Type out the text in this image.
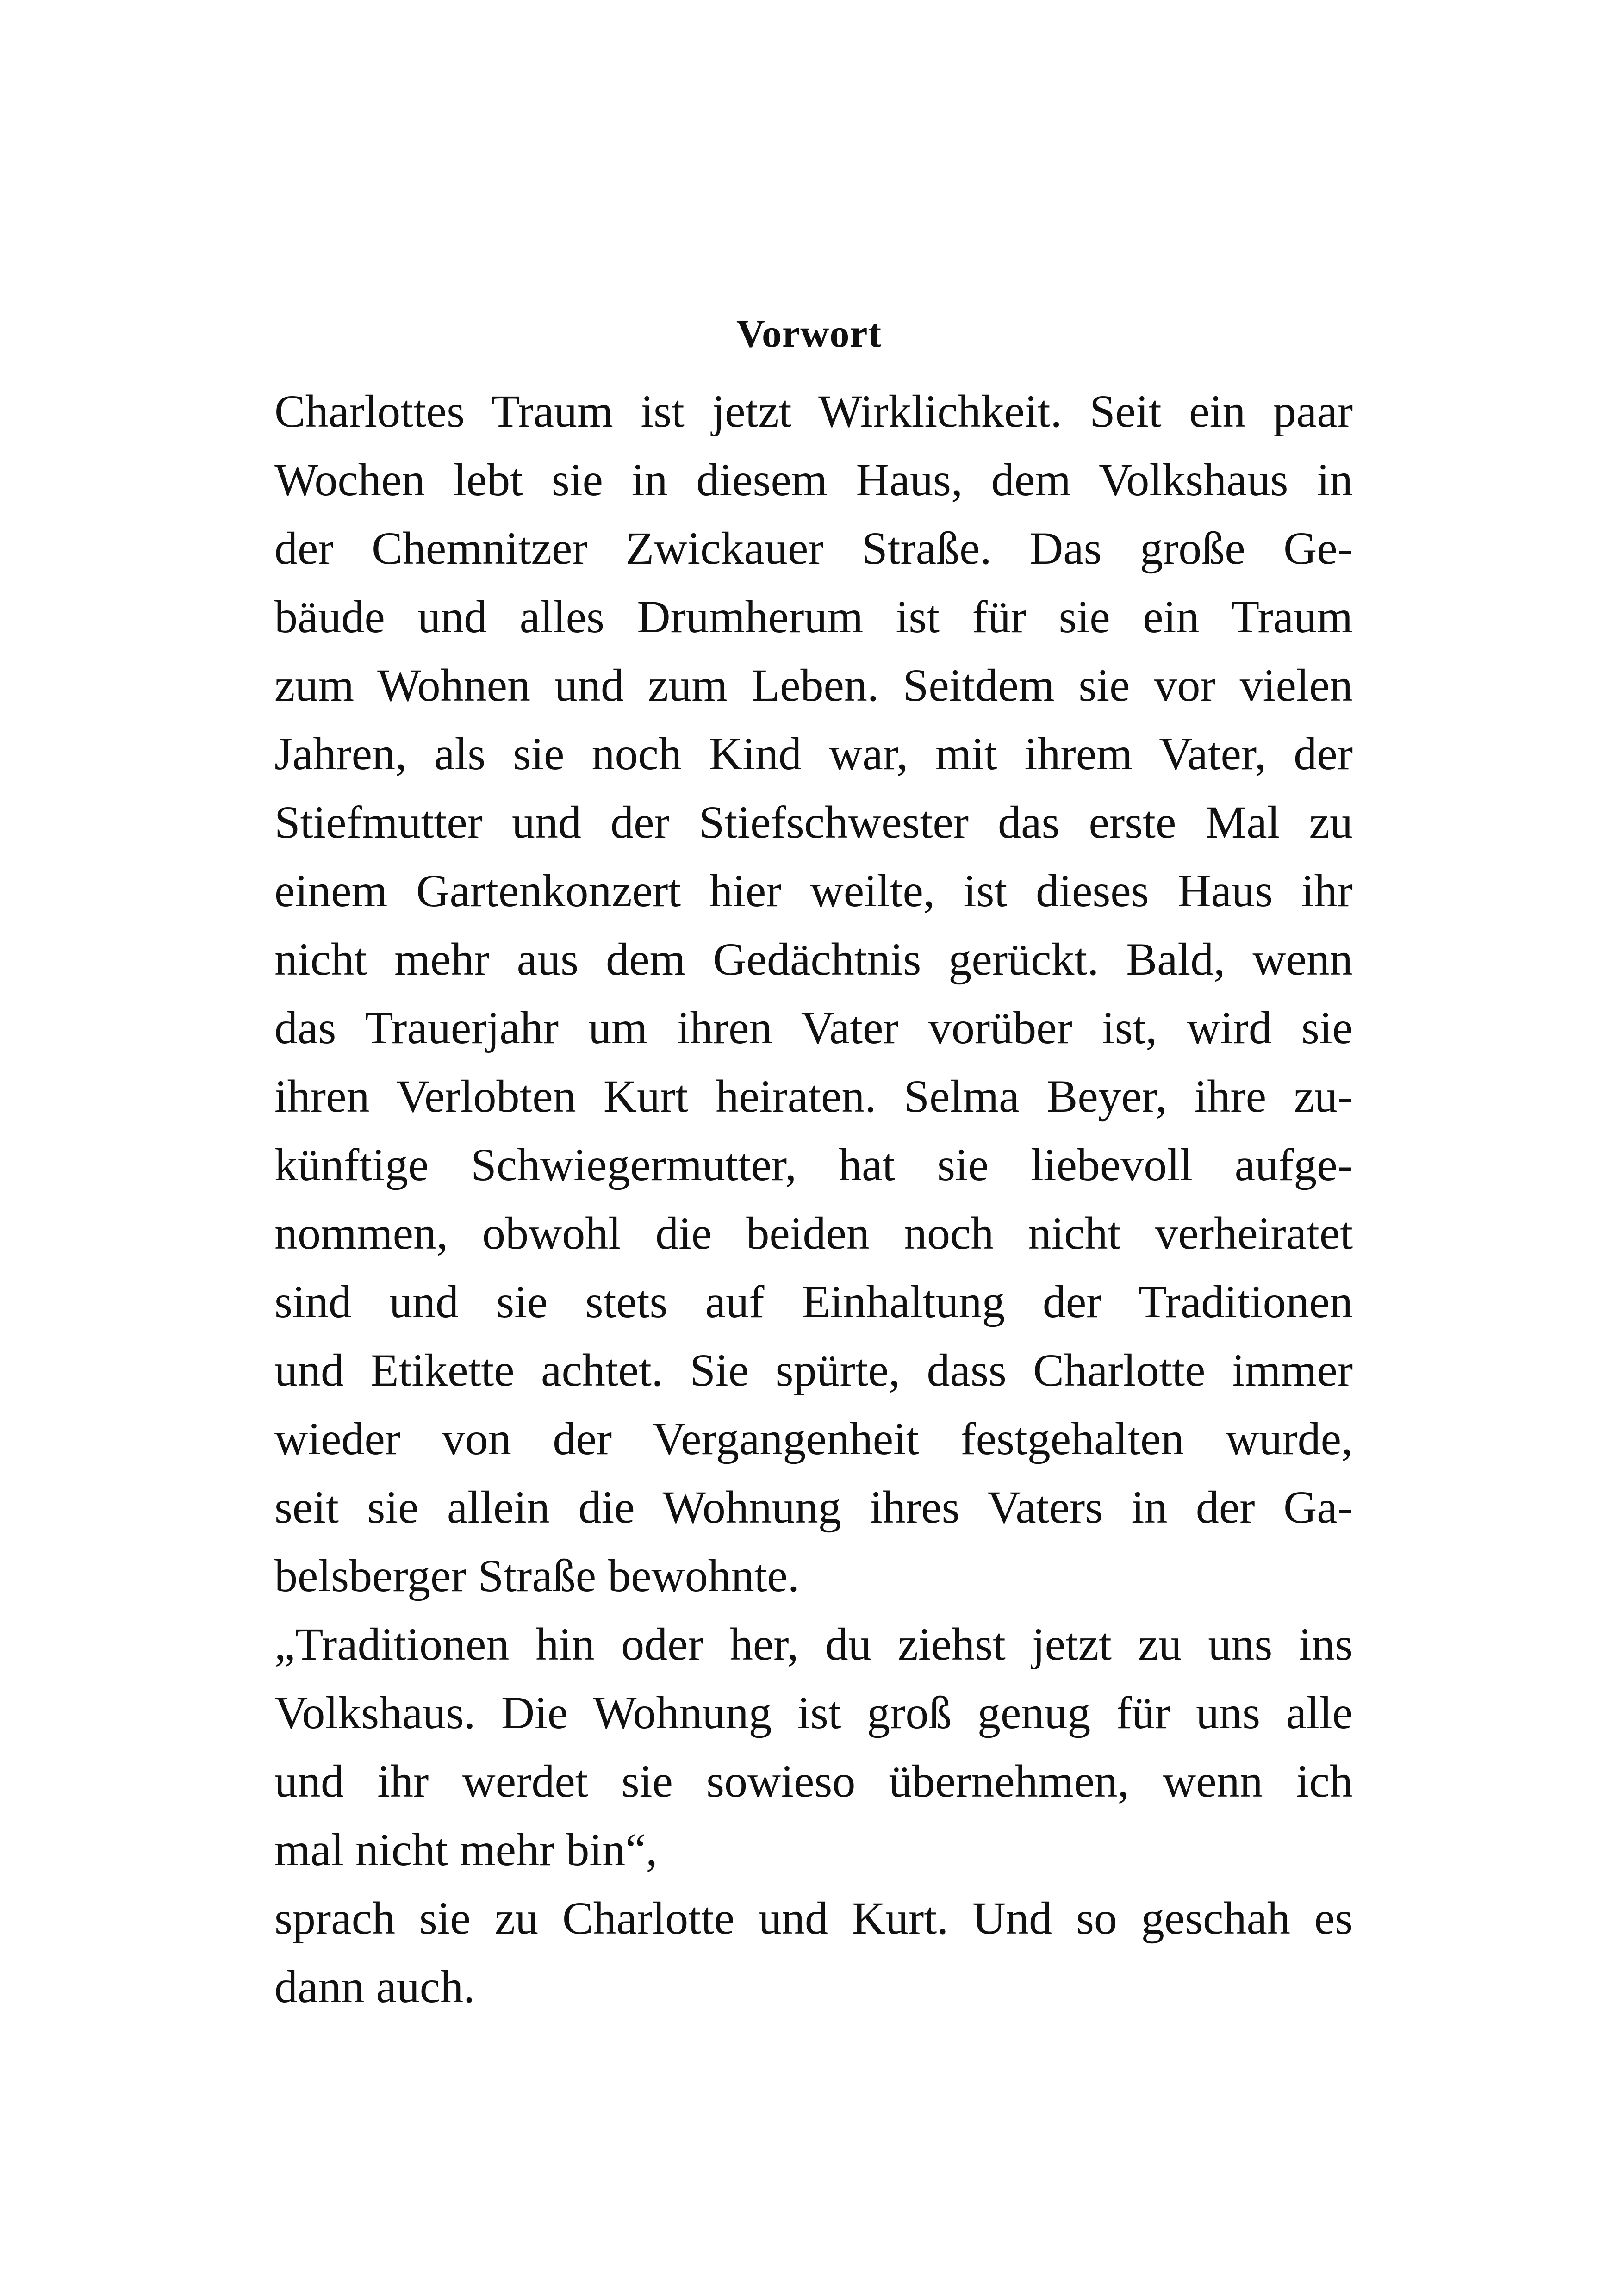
Vorwort
Charlottes Traum ist jetzt Wirklichkeit. Seit ein paar
Wochen lebt sie in diesem Haus, dem Volkshaus in
der Chemnitzer Zwickauer Straße. Das große Ge-
bäude und alles Drumherum ist für sie ein Traum
zum Wohnen und zum Leben. Seitdem sie vor vielen
Jahren, als sie noch Kind war, mit ihrem Vater, der
Stiefmutter und der Stiefschwester das erste Mal zu
einem Gartenkonzert hier weilte, ist dieses Haus ihr
nicht mehr aus dem Gedächtnis gerückt. Bald, wenn
das Trauerjahr um ihren Vater vorüber ist, wird sie
ihren Verlobten Kurt heiraten. Selma Beyer, ihre zu-
künftige Schwiegermutter, hat sie liebevoll aufge-
nommen, obwohl die beiden noch nicht verheiratet
sind und sie stets auf Einhaltung der Traditionen
und Etikette achtet. Sie spürte, dass Charlotte immer
wieder von der Vergangenheit festgehalten wurde,
seit sie allein die Wohnung ihres Vaters in der Ga-
belsberger Straße bewohnte.
„Traditionen hin oder her, du ziehst jetzt zu uns ins
Volkshaus. Die Wohnung ist groß genug für uns alle
und ihr werdet sie sowieso übernehmen, wenn ich
mal nicht mehr bin“,
sprach sie zu Charlotte und Kurt. Und so geschah es
dann auch.
